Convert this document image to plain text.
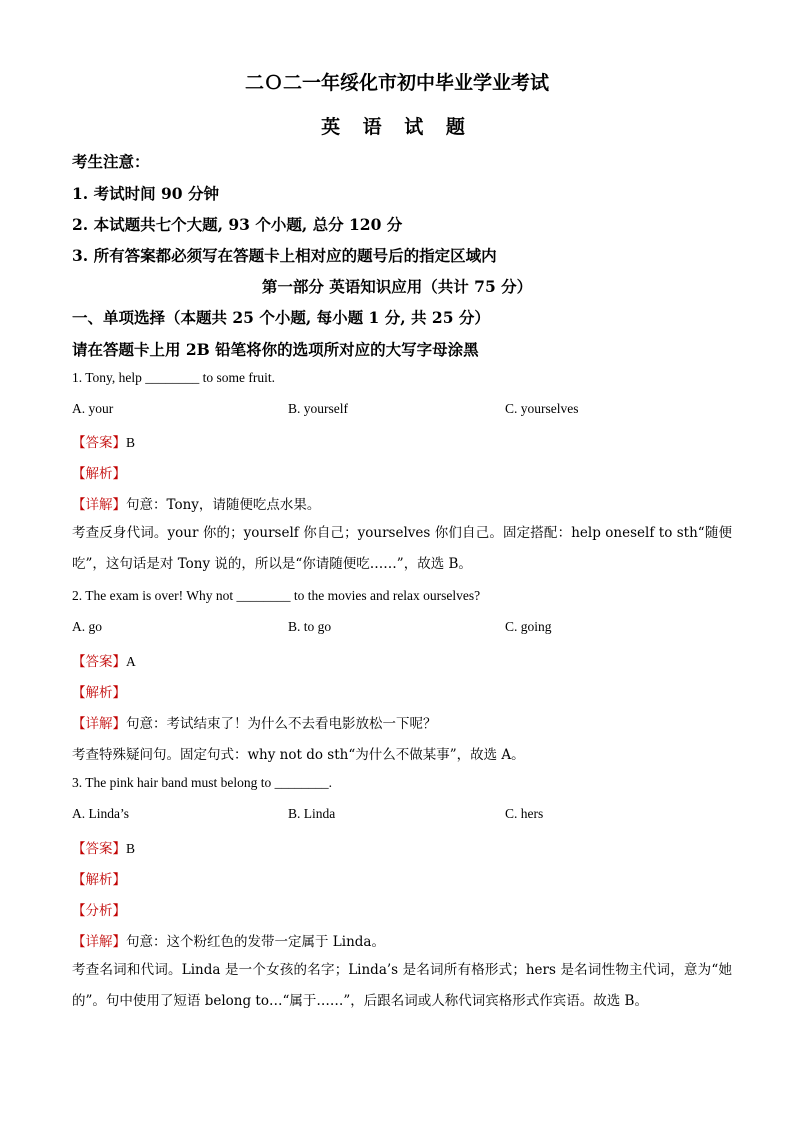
二Ｏ二一年绥化市初中毕业学业考试
英 语 试 题
考生注意：
1. 考试时间 90 分钟
2. 本试题共七个大题, 93 个小题, 总分 120 分
3. 所有答案都必须写在答题卡上相对应的题号后的指定区域内
第一部分 英语知识应用（共计 75 分）
一、单项选择（本题共 25 个小题, 每小题 1 分, 共 25 分）
请在答题卡上用 2B 铅笔将你的选项所对应的大写字母涂黑
1. Tony, help ________ to some fruit.
A. your	B. yourself	C. yourselves
【答案】B
【解析】
【详解】句意：Tony，请随便吃点水果。
考查反身代词。your 你的；yourself 你自己；yourselves 你们自己。固定搭配：help oneself to sth“随便吃”，这句话是对 Tony 说的，所以是“你请随便吃……”，故选 B。
2. The exam is over! Why not ________ to the movies and relax ourselves?
A. go	B. to go	C. going
【答案】A
【解析】
【详解】句意：考试结束了！为什么不去看电影放松一下呢？
考查特殊疑问句。固定句式：why not do sth“为什么不做某事”，故选 A。
3. The pink hair band must belong to ________.
A. Linda’s	B. Linda	C. hers
【答案】B
【解析】
【分析】
【详解】句意：这个粉红色的发带一定属于 Linda。
考查名词和代词。Linda 是一个女孩的名字；Linda’s 是名词所有格形式；hers 是名词性物主代词，意为“她的”。句中使用了短语 belong to…“属于……”，后跟名词或人称代词宾格形式作宾语。故选 B。
